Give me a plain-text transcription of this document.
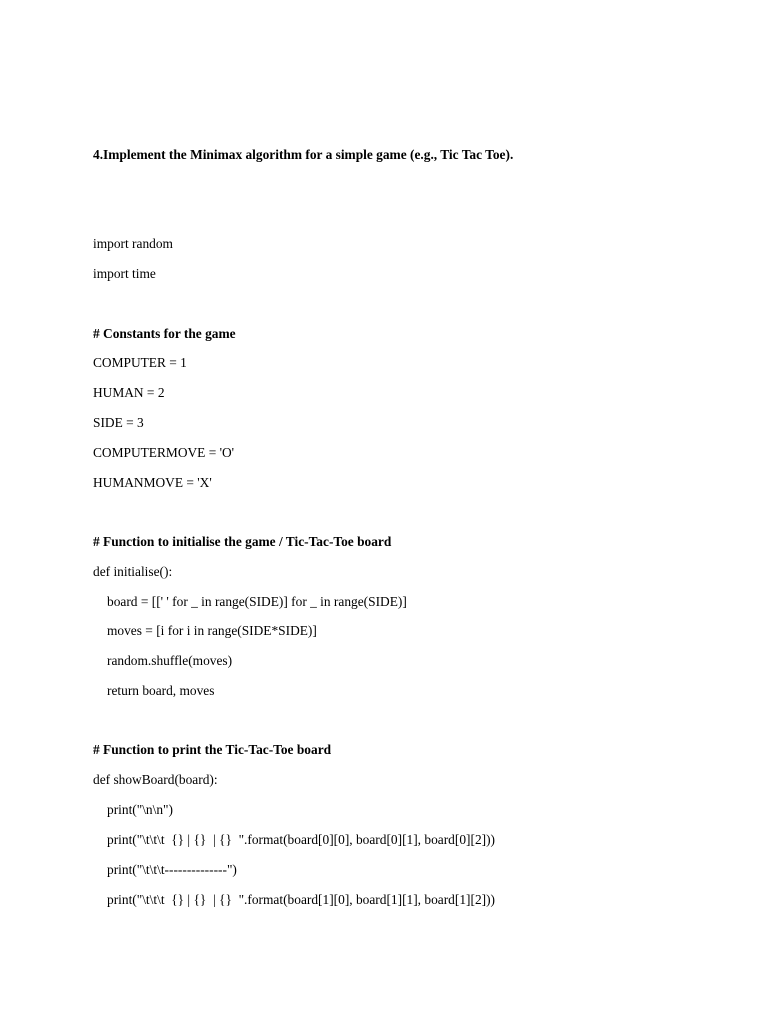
4.Implement the Minimax algorithm for a simple game (e.g., Tic Tac Toe).

import random

import time

# Constants for the game

COMPUTER = 1

HUMAN = 2

SIDE = 3

COMPUTERMOVE = 'O'

HUMANMOVE = 'X'

# Function to initialise the game / Tic-Tac-Toe board

def initialise():

board = [[' ' for _ in range(SIDE)] for _ in range(SIDE)]

moves = [i for i in range(SIDE*SIDE)]

random.shuffle(moves)

return board, moves

# Function to print the Tic-Tac-Toe board

def showBoard(board):

print("\n\n")

print("\t\t\t  {} | {}  | {}  ".format(board[0][0], board[0][1], board[0][2]))

print("\t\t\t--------------")

print("\t\t\t  {} | {}  | {}  ".format(board[1][0], board[1][1], board[1][2]))
